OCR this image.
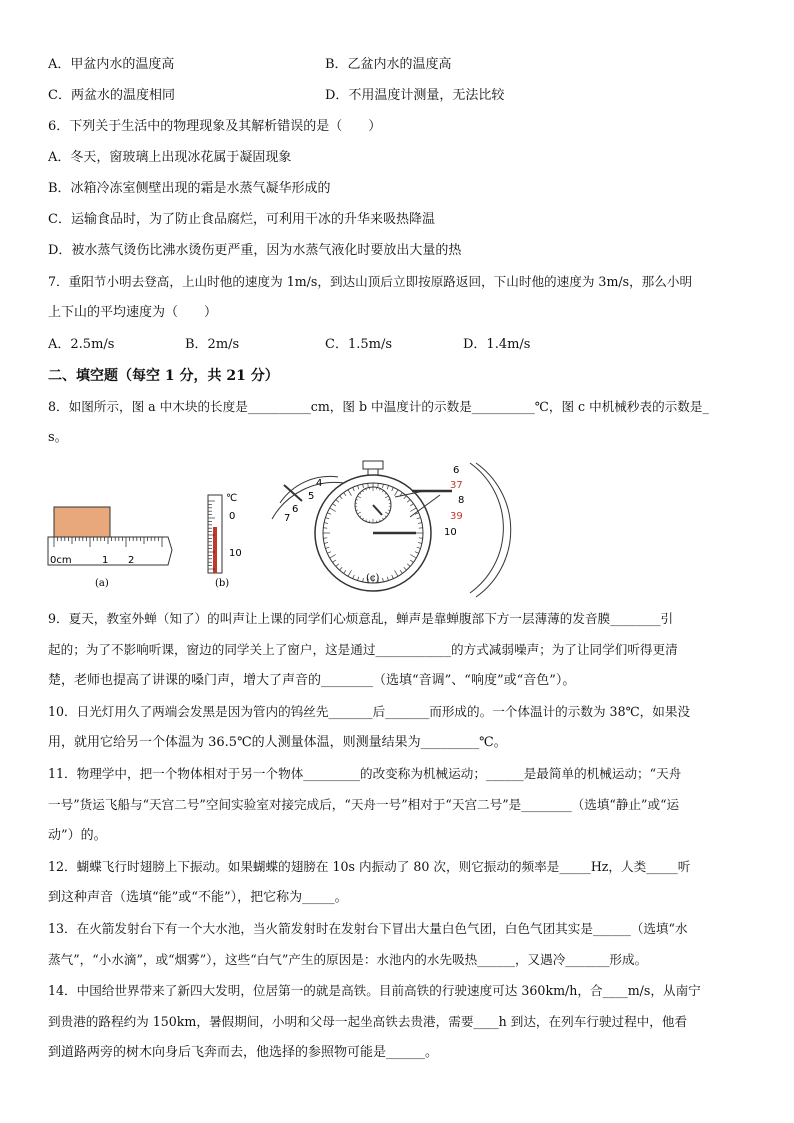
A．甲盆内水的温度高	B．乙盆内水的温度高
C．两盆水的温度相同	D．不用温度计测量，无法比较
6．下列关于生活中的物理现象及其解析错误的是（　　）
A．冬天，窗玻璃上出现冰花属于凝固现象
B．冰箱冷冻室侧壁出现的霜是水蒸气凝华形成的
C．运输食品时，为了防止食品腐烂，可利用干冰的升华来吸热降温
D．被水蒸气烫伤比沸水烫伤更严重，因为水蒸气液化时要放出大量的热
7．重阳节小明去登高，上山时他的速度为 1m/s，到达山顶后立即按原路返回，下山时他的速度为 3m/s，那么小明
上下山的平均速度为（　　）
A．2.5m/s	B．2m/s	C．1.5m/s	D．1.4m/s
二、填空题（每空 1 分，共 21 分）
8．如图所示，图 a 中木块的长度是__________cm，图 b 中温度计的示数是__________℃，图 c 中机械秒表的示数是_
s。
0cm	1 2
(a)
℃
0
10
(b)
4
5
6
7
6
37
8
39
10
(c)
9．夏天，教室外蝉（知了）的叫声让上课的同学们心烦意乱，蝉声是靠蝉腹部下方一层薄薄的发音膜________引
起的；为了不影响听课，窗边的同学关上了窗户，这是通过____________的方式减弱噪声；为了让同学们听得更清
楚，老师也提高了讲课的嗓门声，增大了声音的________（选填“音调”、“响度”或“音色”）。
10．日光灯用久了两端会发黑是因为管内的钨丝先_______后_______而形成的。一个体温计的示数为 38℃，如果没
用，就用它给另一个体温为 36.5℃的人测量体温，则测量结果为_________℃。
11．物理学中，把一个物体相对于另一个物体_________的改变称为机械运动；______是最简单的机械运动；“天舟
一号”货运飞船与“天宫二号”空间实验室对接完成后，“天舟一号”相对于“天宫二号”是________（选填“静止”或“运
动”）的。
12．蝴蝶飞行时翅膀上下振动。如果蝴蝶的翅膀在 10s 内振动了 80 次，则它振动的频率是_____Hz，人类_____听
到这种声音（选填“能”或“不能”），把它称为_____。
13．在火箭发射台下有一个大水池，当火箭发射时在发射台下冒出大量白色气团，白色气团其实是______（选填“水
蒸气”，“小水滴”，或“烟雾”），这些“白气”产生的原因是：水池内的水先吸热______，又遇冷_______形成。
14．中国给世界带来了新四大发明，位居第一的就是高铁。目前高铁的行驶速度可达 360km/h，合____m/s，从南宁
到贵港的路程约为 150km，暑假期间，小明和父母一起坐高铁去贵港，需要____h 到达，在列车行驶过程中，他看
到道路两旁的树木向身后飞奔而去，他选择的参照物可能是______。
